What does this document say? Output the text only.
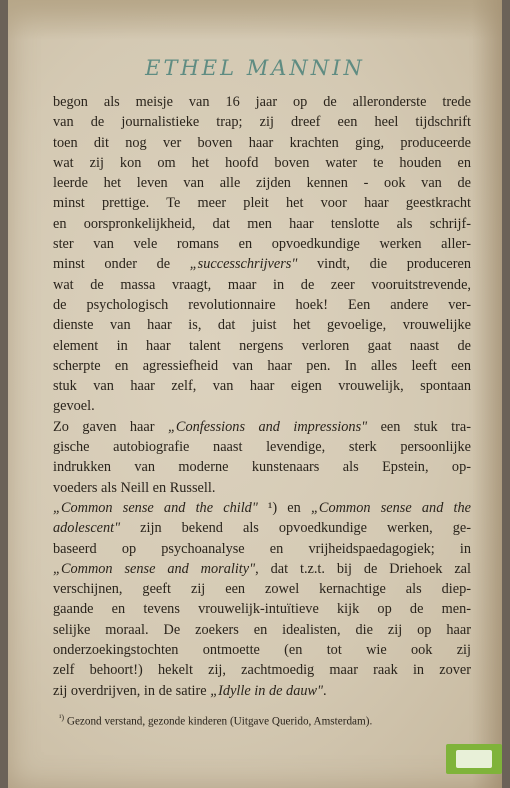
ETHEL MANNIN
begon als meisje van 16 jaar op de alleronderste trede
van de journalistieke trap; zij dreef een heel tijdschrift
toen dit nog ver boven haar krachten ging, produceerde
wat zij kon om het hoofd boven water te houden en
leerde het leven van alle zijden kennen - ook van de
minst prettige. Te meer pleit het voor haar geestkracht
en oorspronkelijkheid, dat men haar tenslotte als schrijf-
ster van vele romans en opvoedkundige werken aller-
minst onder de „successchrijvers" vindt, die produceren
wat de massa vraagt, maar in de zeer vooruitstrevende,
de psychologisch revolutionnaire hoek! Een andere ver-
dienste van haar is, dat juist het gevoelige, vrouwelijke
element in haar talent nergens verloren gaat naast de
scherpte en agressiefheid van haar pen. In alles leeft een
stuk van haar zelf, van haar eigen vrouwelijk, spontaan
gevoel.
Zo gaven haar „Confessions and impressions" een stuk tra-
gische autobiografie naast levendige, sterk persoonlijke
indrukken van moderne kunstenaars als Epstein, op-
voeders als Neill en Russell.
„Common sense and the child" ¹) en „Common sense and the
adolescent" zijn bekend als opvoedkundige werken, ge-
baseerd op psychoanalyse en vrijheidspaedagogiek; in
„Common sense and morality", dat t.z.t. bij de Driehoek zal
verschijnen, geeft zij een zowel kernachtige als diep-
gaande en tevens vrouwelijk-intuïtieve kijk op de men-
selijke moraal. De zoekers en idealisten, die zij op haar
onderzoekingstochten ontmoette (en tot wie ook zij
zelf behoort!) hekelt zij, zachtmoedig maar raak in zover
zij overdrijven, in de satire „Idylle in de dauw".
$^{^1)}$ Gezond verstand, gezonde kinderen (Uitgave Querido, Amsterdam).
